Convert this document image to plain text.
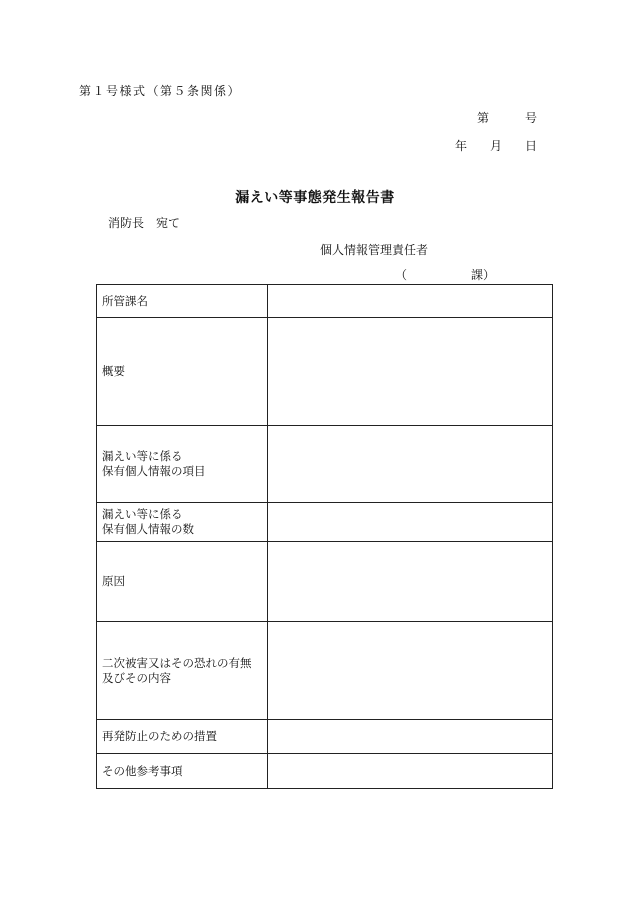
第１号様式（第５条関係）
第	号
年 月 日
漏えい等事態発生報告書
消防長　宛て
個人情報管理責任者
（	課）
所管課名	
概要	
漏えい等に係る
保有個人情報の項目	
漏えい等に係る
保有個人情報の数	
原因	
二次被害又はその恐れの有無
及びその内容	
再発防止のための措置	
その他参考事項	
